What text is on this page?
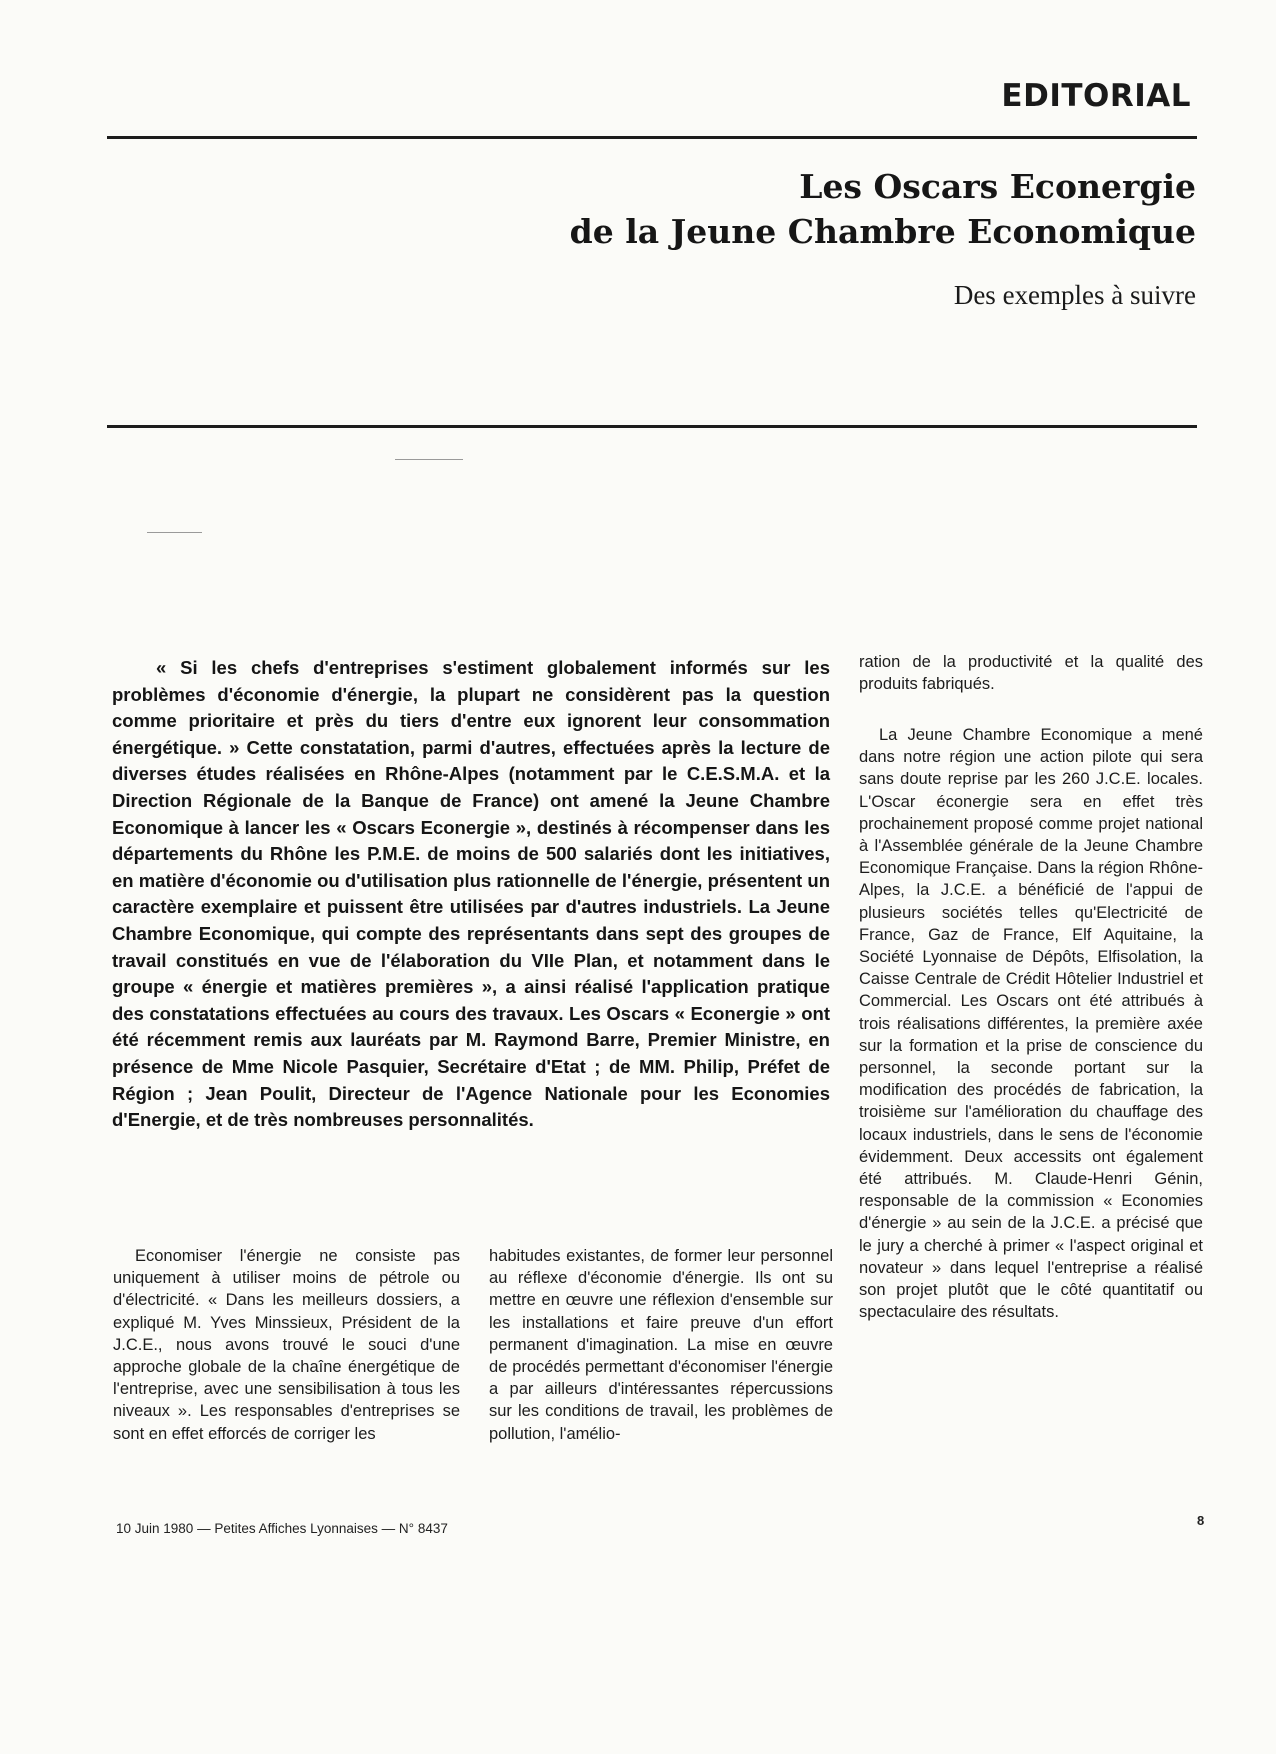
EDITORIAL
Les Oscars Econergie
de la Jeune Chambre Economique
Des exemples à suivre

« Si les chefs d'entreprises s'estiment globalement informés sur les problèmes d'économie d'énergie, la plupart ne considèrent pas la question comme prioritaire et près du tiers d'entre eux ignorent leur consommation énergétique. » Cette constatation, parmi d'autres, effectuées après la lecture de diverses études réalisées en Rhône-Alpes (notamment par le C.E.S.M.A. et la Direction Régionale de la Banque de France) ont amené la Jeune Chambre Economique à lancer les « Oscars Econergie », destinés à récompenser dans les départements du Rhône les P.M.E. de moins de 500 salariés dont les initiatives, en matière d'économie ou d'utilisation plus rationnelle de l'énergie, présentent un caractère exemplaire et puissent être utilisées par d'autres industriels. La Jeune Chambre Economique, qui compte des représentants dans sept des groupes de travail constitués en vue de l'élaboration du VIIe Plan, et notamment dans le groupe « énergie et matières premières », a ainsi réalisé l'application pratique des constatations effectuées au cours des travaux. Les Oscars « Econergie » ont été récemment remis aux lauréats par M. Raymond Barre, Premier Ministre, en présence de Mme Nicole Pasquier, Secrétaire d'Etat ; de MM. Philip, Préfet de Région ; Jean Poulit, Directeur de l'Agence Nationale pour les Economies d'Energie, et de très nombreuses personnalités.

Economiser l'énergie ne consiste pas uniquement à utiliser moins de pétrole ou d'électricité. « Dans les meilleurs dossiers, a expliqué M. Yves Minssieux, Président de la J.C.E., nous avons trouvé le souci d'une approche globale de la chaîne énergétique de l'entreprise, avec une sensibilisation à tous les niveaux ». Les responsables d'entreprises se sont en effet efforcés de corriger les

habitudes existantes, de former leur personnel au réflexe d'économie d'énergie. Ils ont su mettre en œuvre une réflexion d'ensemble sur les installations et faire preuve d'un effort permanent d'imagination. La mise en œuvre de procédés permettant d'économiser l'énergie a par ailleurs d'intéressantes répercussions sur les conditions de travail, les problèmes de pollution, l'amélio-

ration de la productivité et la qualité des produits fabriqués.

La Jeune Chambre Economique a mené dans notre région une action pilote qui sera sans doute reprise par les 260 J.C.E. locales. L'Oscar éconergie sera en effet très prochainement proposé comme projet national à l'Assemblée générale de la Jeune Chambre Economique Française. Dans la région Rhône-Alpes, la J.C.E. a bénéficié de l'appui de plusieurs sociétés telles qu'Electricité de France, Gaz de France, Elf Aquitaine, la Société Lyonnaise de Dépôts, Elfisolation, la Caisse Centrale de Crédit Hôtelier Industriel et Commercial. Les Oscars ont été attribués à trois réalisations différentes, la première axée sur la formation et la prise de conscience du personnel, la seconde portant sur la modification des procédés de fabrication, la troisième sur l'amélioration du chauffage des locaux industriels, dans le sens de l'économie évidemment. Deux accessits ont également été attribués. M. Claude-Henri Génin, responsable de la commission « Economies d'énergie » au sein de la J.C.E. a précisé que le jury a cherché à primer « l'aspect original et novateur » dans lequel l'entreprise a réalisé son projet plutôt que le côté quantitatif ou spectaculaire des résultats.

10 Juin 1980 — Petites Affiches Lyonnaises — N° 8437
8
